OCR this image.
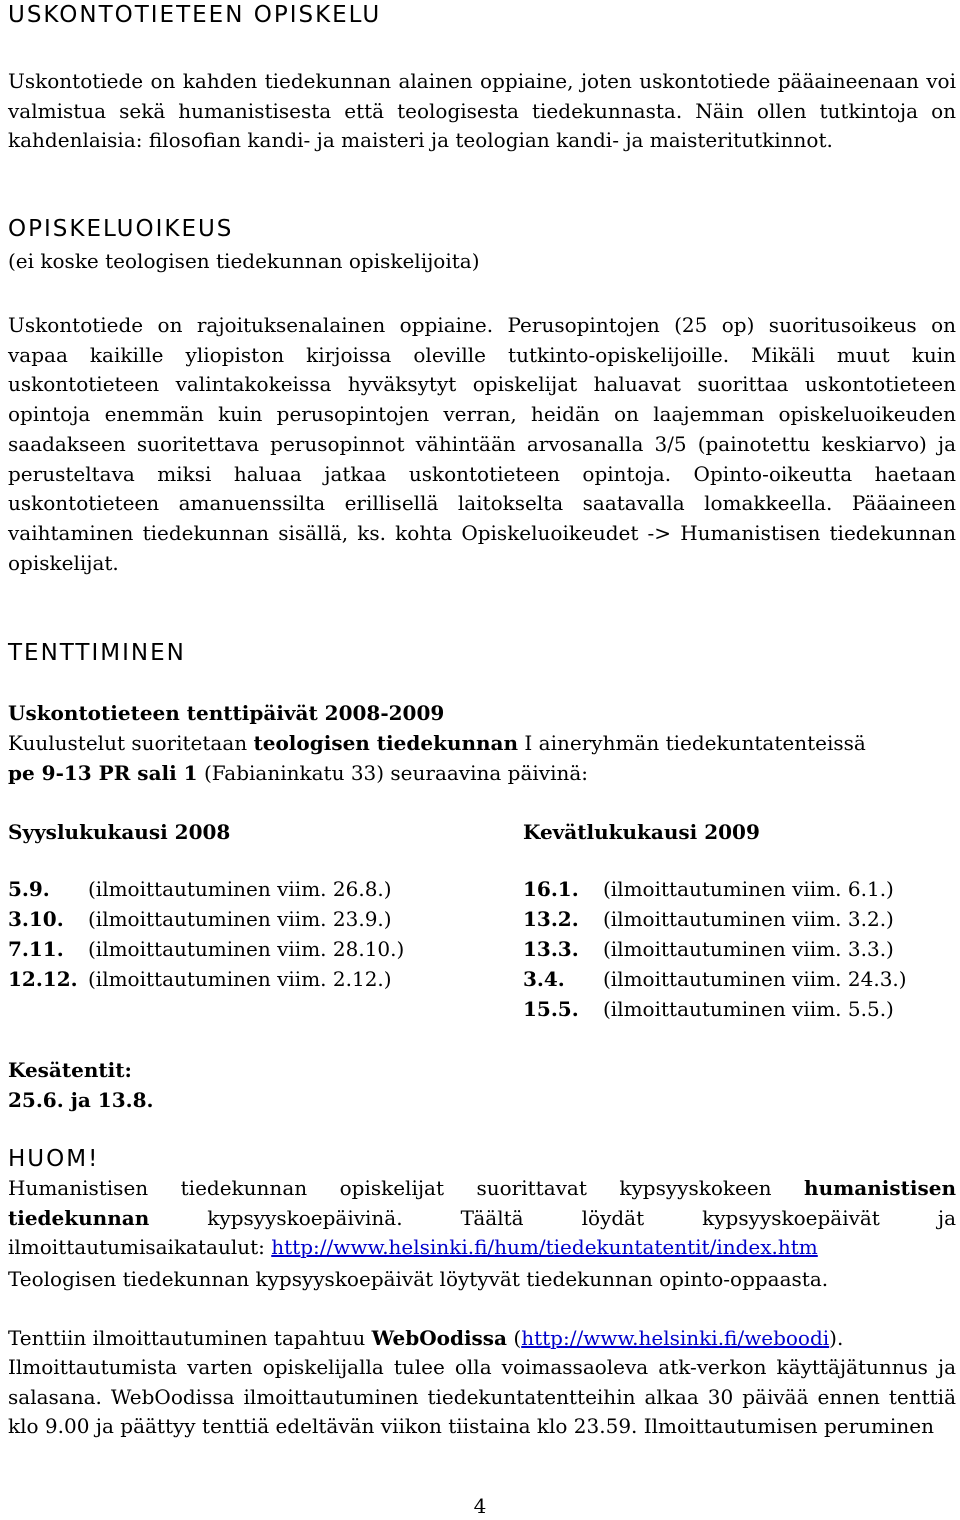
USKONTOTIETEEN OPISKELU

Uskontotiede on kahden tiedekunnan alainen oppiaine, joten uskontotiede pääaineenaan voi valmistua sekä humanistisesta että teologisesta tiedekunnasta. Näin ollen tutkintoja on kahdenlaisia: filosofian kandi- ja maisteri ja teologian kandi- ja maisteritutkinnot.

OPISKELUOIKEUS
(ei koske teologisen tiedekunnan opiskelijoita)

Uskontotiede on rajoituksenalainen oppiaine. Perusopintojen (25 op) suoritusoikeus on vapaa kaikille yliopiston kirjoissa oleville tutkinto-opiskelijoille. Mikäli muut kuin uskontotieteen valintakokeissa hyväksytyt opiskelijat haluavat suorittaa uskontotieteen opintoja enemmän kuin perusopintojen verran, heidän on laajemman opiskeluoikeuden saadakseen suoritettava perusopinnot vähintään arvosanalla 3/5 (painotettu keskiarvo) ja perusteltava miksi haluaa jatkaa uskontotieteen opintoja. Opinto-oikeutta haetaan uskontotieteen amanuenssilta erillisellä laitokselta saatavalla lomakkeella. Pääaineen vaihtaminen tiedekunnan sisällä, ks. kohta Opiskeluoikeudet -> Humanistisen tiedekunnan opiskelijat.

TENTTIMINEN
Uskontotieteen tenttipäivät 2008-2009
Kuulustelut suoritetaan teologisen tiedekunnan I aineryhmän tiedekuntatenteissä
pe 9-13 PR sali 1 (Fabianinkatu 33) seuraavina päivinä:
Syyslukukausi 2008
5.9.	(ilmoittautuminen viim. 26.8.)
3.10.	(ilmoittautuminen viim. 23.9.)
7.11.	(ilmoittautuminen viim. 28.10.)
12.12.	(ilmoittautuminen viim. 2.12.)
Kevätlukukausi 2009
16.1.	(ilmoittautuminen viim. 6.1.)
13.2.	(ilmoittautuminen viim. 3.2.)
13.3.	(ilmoittautuminen viim. 3.3.)
3.4.	(ilmoittautuminen viim. 24.3.)
15.5.	(ilmoittautuminen viim. 5.5.)
Kesätentit:
25.6. ja 13.8.
HUOM!

Humanistisen tiedekunnan opiskelijat suorittavat kypsyyskokeen humanistisen tiedekunnan kypsyyskoepäivinä. Täältä löydät kypsyyskoepäivät ja ilmoittautumisaikataulut: http://www.helsinki.fi/hum/tiedekuntatentit/index.htm

Teologisen tiedekunnan kypsyyskoepäivät löytyvät tiedekunnan opinto-oppaasta.
Tenttiin ilmoittautuminen tapahtuu WebOodissa (http://www.helsinki.fi/weboodi).

Ilmoittautumista varten opiskelijalla tulee olla voimassaoleva atk-verkon käyttäjätunnus ja salasana. WebOodissa ilmoittautuminen tiedekuntatentteihin alkaa 30 päivää ennen tenttiä klo 9.00 ja päättyy tenttiä edeltävän viikon tiistaina klo 23.59. Ilmoittautumisen peruminen

4
